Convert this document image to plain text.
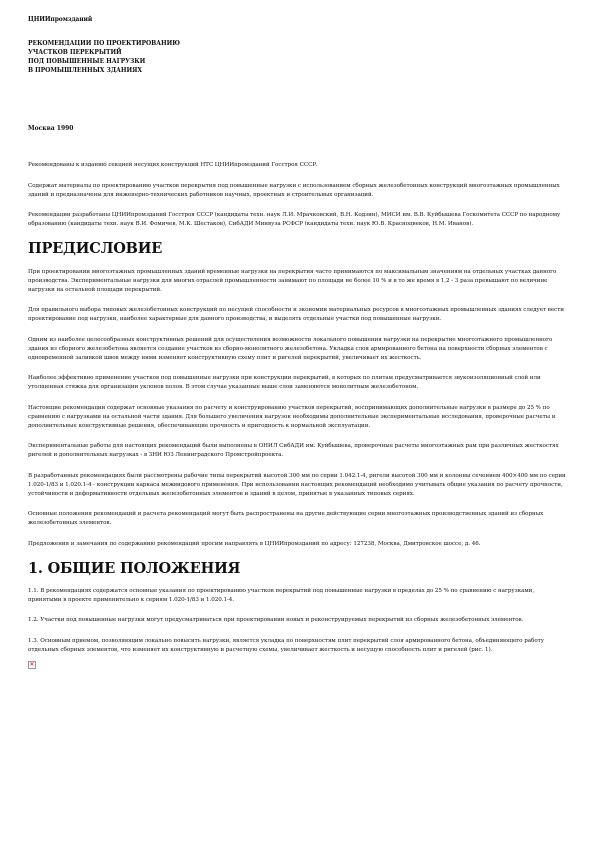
ЦНИИпромзданий
РЕКОМЕНДАЦИИ ПО ПРОЕКТИРОВАНИЮ
УЧАСТКОВ ПЕРЕКРЫТИЙ
ПОД ПОВЫШЕННЫЕ НАГРУЗКИ
В ПРОМЫШЛЕННЫХ ЗДАНИЯХ
Москва 1990

Рекомендованы к изданию секцией несущих конструкций НТС ЦНИИпромзданий Госстроя СССР.

Содержат материалы по проектированию участков перекрытия под повышенные нагрузки с использованием сборных железобетонных конструкций многоэтажных промышленных зданий и предназначены для инженерно-технических работников научных, проектных и строительных организаций.

Рекомендации разработаны ЦНИИпромзданий Госстроя СССР (кандидаты техн. наук Л.И. Мрачковский, В.Н. Кодзин), МИСИ им. В.В. Куйбышева Госкомитета СССР по народному образованию (кандидаты техн. наук В.И. Фомичев, М.К. Шестаков), СибАДИ Минвуза РСФСР (кандидаты техн. наук Ю.В. Красноцвеков, Н.М. Иванов).

ПРЕДИСЛОВИЕ

При проектировании многоэтажных промышленных зданий временные нагрузки на перекрытия часто принимаются по максимальным значениям на отдельных участках данного производства. Экспериментальные нагрузки для многих отраслей промышленности занимают по площади не более 10 % и в то же время в 1,2 - 3 раза превышают по величине нагрузки на остальной площади перекрытий.

Для правильного выбора типовых железобетонных конструкций по несущей способности и экономии материальных ресурсов в многоэтажных промышленных зданиях следует вести проектирование под нагрузки, наиболее характерные для данного производства, и выделять отдельные участки под повышенные нагрузки.

Одним из наиболее целесообразных конструктивных решений для осуществления возможности локального повышения нагрузки на перекрытие многоэтажного промышленного здания из сборного железобетона является создание участков из сборно-монолитного железобетона. Укладка слоя армированного бетона на поверхности сборных элементов с одновременной заливкой швов между ними изменяет конструктивную схему плит и ригелей перекрытий, увеличивает их жесткость.

Наиболее эффективно применение участков под повышенные нагрузки при конструкции перекрытий, в которых по плитам предусматривается звукоизоляционный слой или утолщенная стяжка для организации уклонов полов. В этом случае указанные выше слои заменяются монолитным железобетоном.

Настоящие рекомендации содержат основные указания по расчету и конструированию участков перекрытий, воспринимающих дополнительные нагрузки в размере до 25 % по сравнению с нагрузками на остальной части здания. Для большего увеличения нагрузок необходимы дополнительные экспериментальные исследования, проверочные расчеты и дополнительные конструктивные решения, обеспечивающие прочность и пригодность к нормальной эксплуатации.

Экспериментальные работы для настоящих рекомендаций были выполнены в ОНИЛ СибАДИ им. Куйбышева, проверочные расчеты многоэтажных рам при различных жесткостях ригелей и дополнительных нагрузках - в ЗНИ ЮЗ Ленинградского Промстройпроекта.

В разработанных рекомендациях были рассмотрены рабочие типы перекрытий высотой 300 мм по серии 1.042.1-4, ригели высотой 300 мм и колонны сечением 400×400 мм по серии 1.020-1/83 и 1.020.1-4 - конструкции каркаса межвидового применения. При использовании настоящих рекомендаций необходимо учитывать общие указания по расчету прочности, устойчивости и деформативности отдельных железобетонных элементов и зданий в целом, принятые в указанных типовых сериях.

Основные положения рекомендаций и расчета рекомендаций могут быть распространены на другие действующие серии многоэтажных производственных зданий из сборных железобетонных элементов.

Предложения и замечания по содержанию рекомендаций просим направлять в ЦНИИпромзданий по адресу: 127238, Москва, Дмитровское шоссе, д. 46.

1. ОБЩИЕ ПОЛОЖЕНИЯ

1.1. В рекомендациях содержатся основные указания по проектированию участков перекрытий под повышенные нагрузки в пределах до 25 % по сравнению с нагрузками, принятыми в проекте применительно к сериям 1.020-1/83 и 1.020.1-4.

1.2. Участки под повышенные нагрузки могут предусматриваться при проектировании новых и реконструируемых перекрытий из сборных железобетонных элементов.

1.3. Основным приемом, позволяющим локально повысить нагрузки, является укладка по поверхностям плит перекрытий слоя армированного бетона, объединяющего работу отдельных сборных элементов, что изменяет их конструктивную и расчетную схемы, увеличивает жесткость и несущую способность плит и ригелей (рис. 1).

✕
